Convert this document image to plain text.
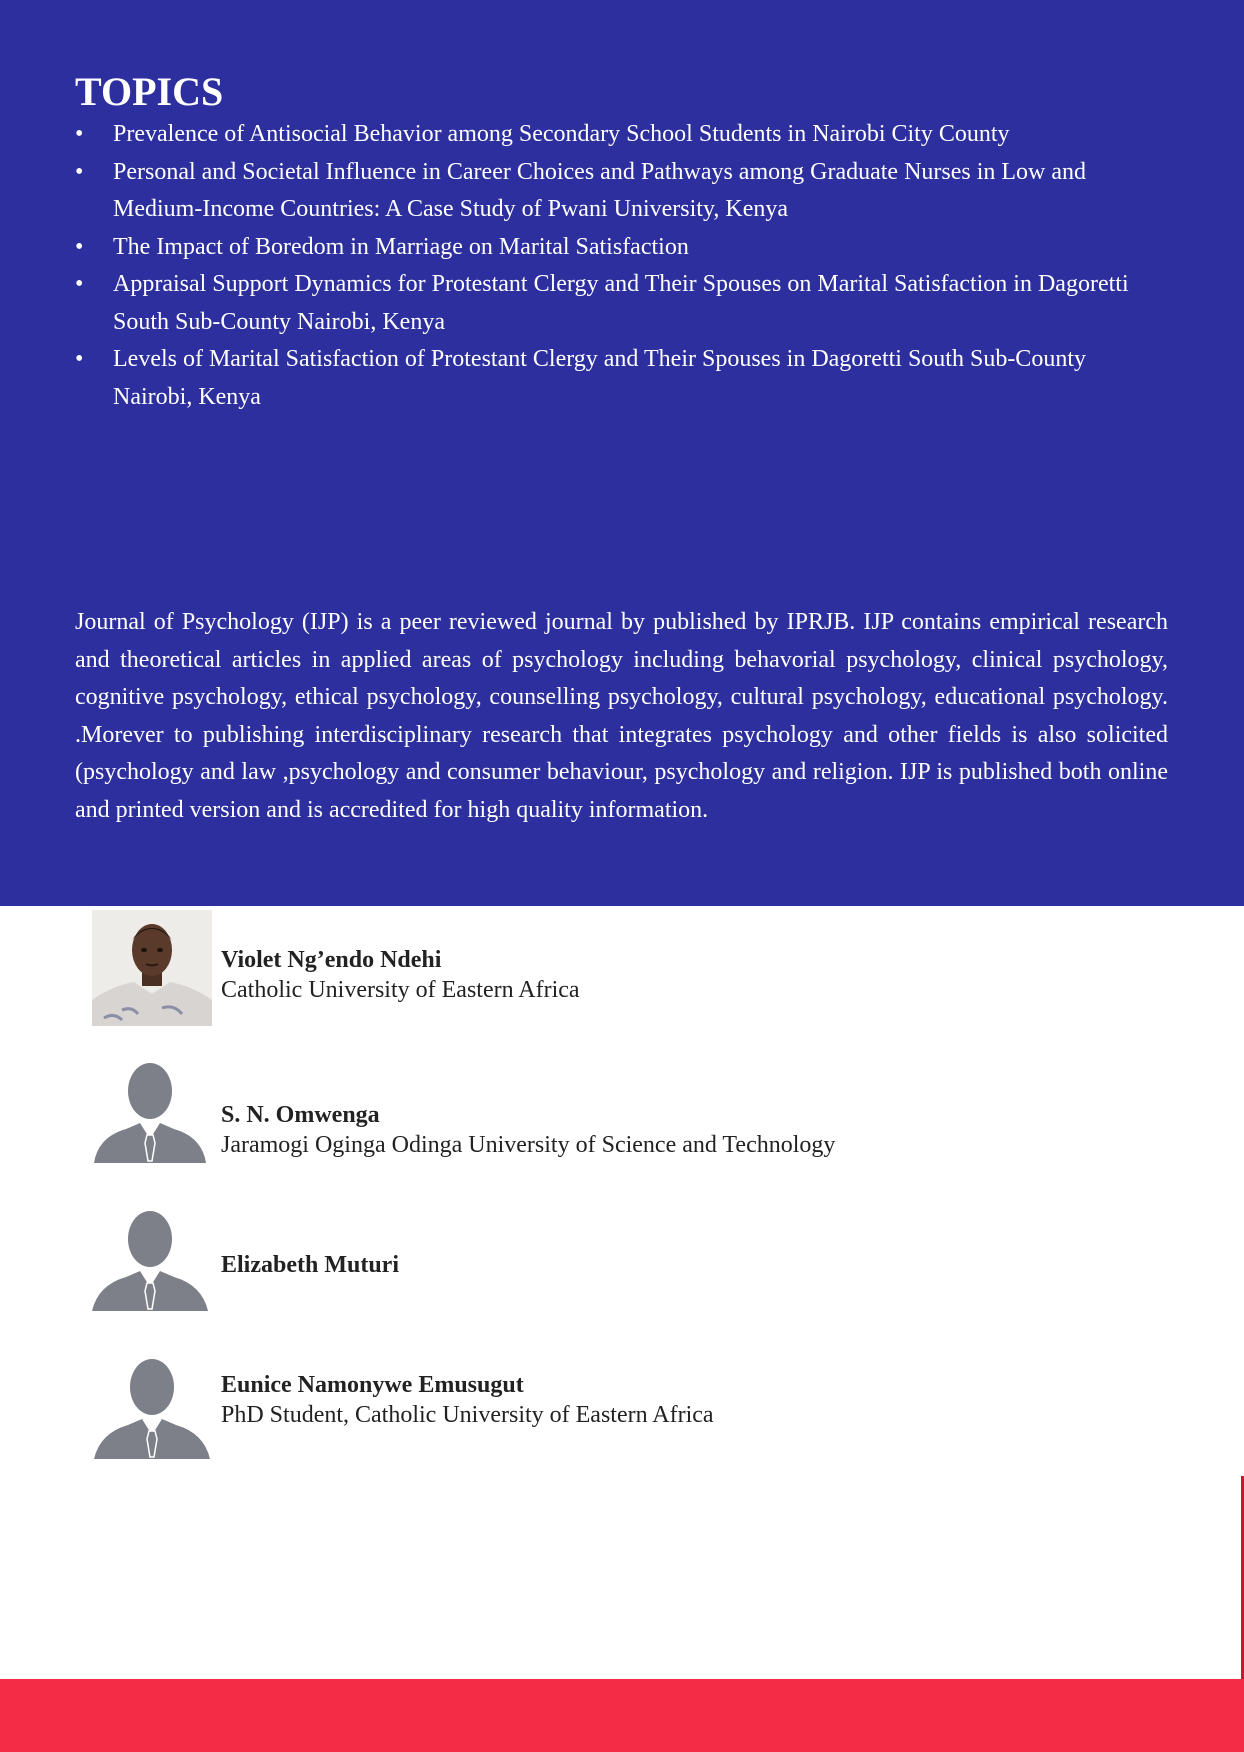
TOPICS
• Prevalence of Antisocial Behavior among Secondary School Students in Nairobi City County
• Personal and Societal Influence in Career Choices and Pathways among Graduate Nurses in Low and Medium-Income Countries: A Case Study of Pwani University, Kenya
• The Impact of Boredom in Marriage on Marital Satisfaction
• Appraisal Support Dynamics for Protestant Clergy and Their Spouses on Marital Satisfaction in Dagoretti South Sub-County Nairobi, Kenya
• Levels of Marital Satisfaction of Protestant Clergy and Their Spouses in Dagoretti South Sub-County Nairobi, Kenya

Journal of Psychology (IJP) is a peer reviewed journal by published by IPRJB. IJP contains empirical research and theoretical articles in applied areas of psychology including behavorial psychology, clinical psychology, cognitive psychology, ethical psychology, counselling psychology, cultural psychology, educational psychology. .Morever to publishing interdisciplinary research that integrates psychology and other fields is also solicited (psychology and law ,psychology and consumer behaviour, psychology and religion. IJP is published both online and printed version and is accredited for high quality information.

Violet Ng’endo Ndehi
Catholic University of Eastern Africa
S. N. Omwenga
Jaramogi Oginga Odinga University of Science and Technology
Elizabeth Muturi
Eunice Namonywe Emusugut
PhD Student, Catholic University of Eastern Africa
